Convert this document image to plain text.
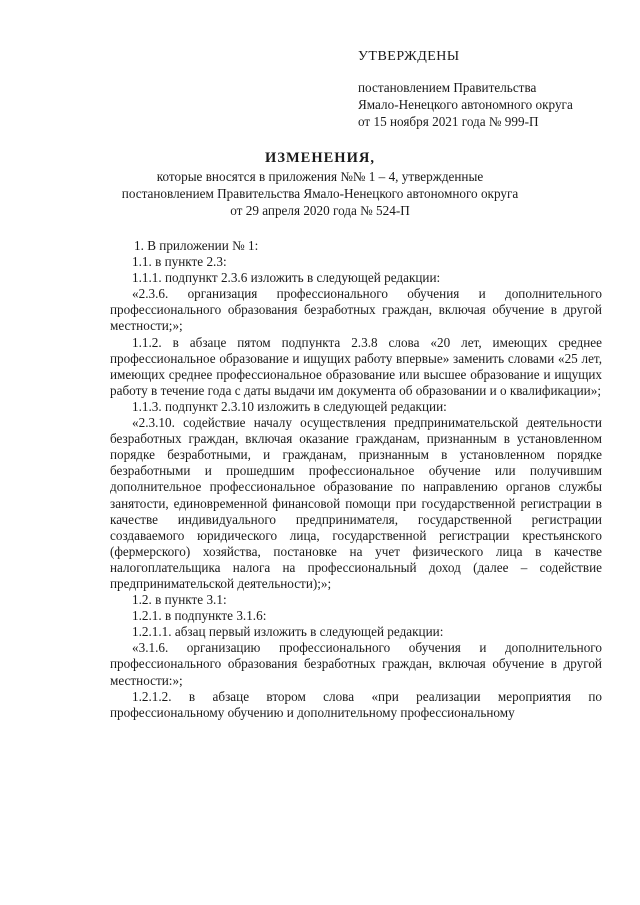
УТВЕРЖДЕНЫ
постановлением Правительства
Ямало-Ненецкого автономного округа
от 15 ноября 2021 года № 999-П
ИЗМЕНЕНИЯ,
которые вносятся в приложения №№ 1 – 4, утвержденные
постановлением Правительства Ямало-Ненецкого автономного округа
от 29 апреля 2020 года № 524-П

1. В приложении № 1:

1.1. в пункте 2.3:

1.1.1. подпункт 2.3.6 изложить в следующей редакции:

«2.3.6. организация профессионального обучения и дополнительного профессионального образования безработных граждан, включая обучение в другой местности;»;

1.1.2. в абзаце пятом подпункта 2.3.8 слова «20 лет, имеющих среднее профессиональное образование и ищущих работу впервые» заменить словами «25 лет, имеющих среднее профессиональное образование или высшее образование и ищущих работу в течение года с даты выдачи им документа об образовании и о квалификации»;

1.1.3. подпункт 2.3.10 изложить в следующей редакции:

«2.3.10. содействие началу осуществления предпринимательской деятельности безработных граждан, включая оказание гражданам, признанным в установленном порядке безработными, и гражданам, признанным в установленном порядке безработными и прошедшим профессиональное обучение или получившим дополнительное профессиональное образование по направлению органов службы занятости, единовременной финансовой помощи при государственной регистрации в качестве индивидуального предпринимателя, государственной регистрации создаваемого юридического лица, государственной регистрации крестьянского (фермерского) хозяйства, постановке на учет физического лица в качестве налогоплательщика налога на профессиональный доход (далее – содействие предпринимательской деятельности);»;

1.2. в пункте 3.1:

1.2.1. в подпункте 3.1.6:

1.2.1.1. абзац первый изложить в следующей редакции:

«3.1.6. организацию профессионального обучения и дополнительного профессионального образования безработных граждан, включая обучение в другой местности:»;

1.2.1.2. в абзаце втором слова «при реализации мероприятия по профессиональному обучению и дополнительному профессиональному
